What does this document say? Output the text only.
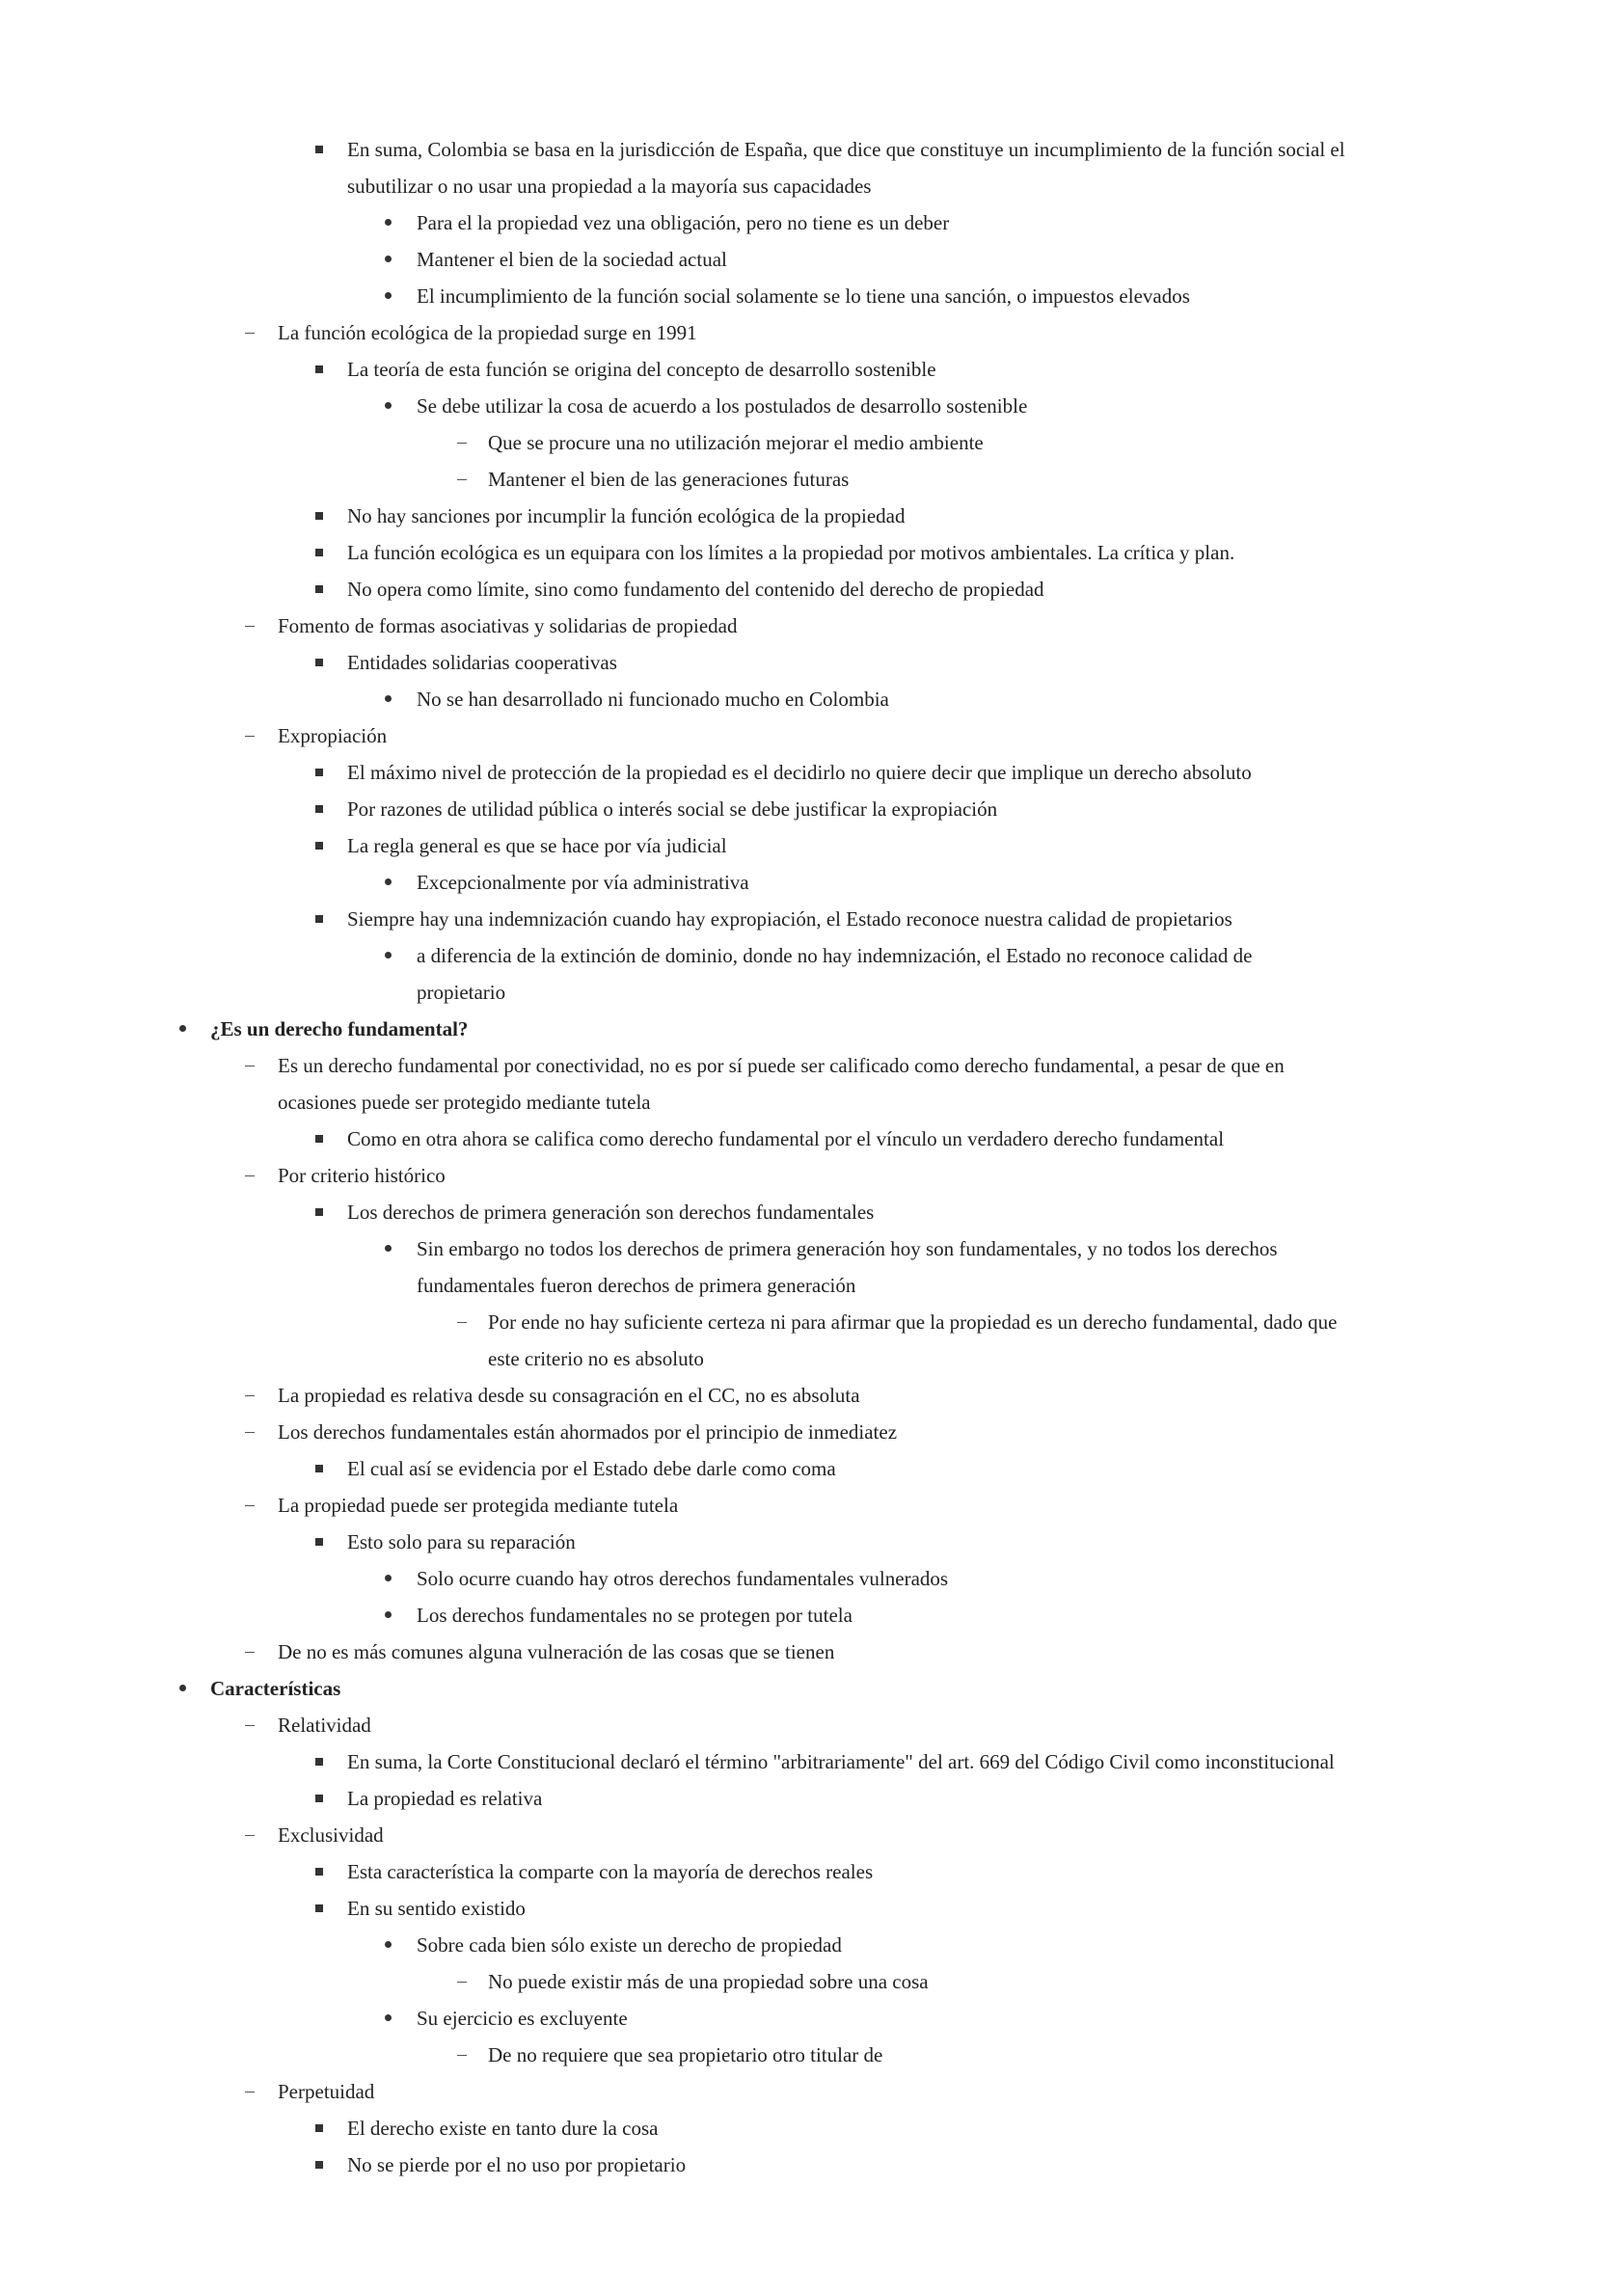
En suma, Colombia se basa en la jurisdicción de España, que dice que constituye un incumplimiento de la función social el
subutilizar o no usar una propiedad a la mayoría sus capacidades
Para el la propiedad vez una obligación, pero no tiene es un deber
Mantener el bien de la sociedad actual
El incumplimiento de la función social solamente se lo tiene una sanción, o impuestos elevados
La función ecológica de la propiedad surge en 1991
La teoría de esta función se origina del concepto de desarrollo sostenible
Se debe utilizar la cosa de acuerdo a los postulados de desarrollo sostenible
Que se procure una no utilización mejorar el medio ambiente
Mantener el bien de las generaciones futuras
No hay sanciones por incumplir la función ecológica de la propiedad
La función ecológica es un equipara con los límites a la propiedad por motivos ambientales. La crítica y plan.
No opera como límite, sino como fundamento del contenido del derecho de propiedad
Fomento de formas asociativas y solidarias de propiedad
Entidades solidarias cooperativas
No se han desarrollado ni funcionado mucho en Colombia
Expropiación
El máximo nivel de protección de la propiedad es el decidirlo no quiere decir que implique un derecho absoluto
Por razones de utilidad pública o interés social se debe justificar la expropiación
La regla general es que se hace por vía judicial
Excepcionalmente por vía administrativa
Siempre hay una indemnización cuando hay expropiación, el Estado reconoce nuestra calidad de propietarios
a diferencia de la extinción de dominio, donde no hay indemnización, el Estado no reconoce calidad de
propietario
¿Es un derecho fundamental?
Es un derecho fundamental por conectividad, no es por sí puede ser calificado como derecho fundamental, a pesar de que en
ocasiones puede ser protegido mediante tutela
Como en otra ahora se califica como derecho fundamental por el vínculo un verdadero derecho fundamental
Por criterio histórico
Los derechos de primera generación son derechos fundamentales
Sin embargo no todos los derechos de primera generación hoy son fundamentales, y no todos los derechos
fundamentales fueron derechos de primera generación
Por ende no hay suficiente certeza ni para afirmar que la propiedad es un derecho fundamental, dado que
este criterio no es absoluto
La propiedad es relativa desde su consagración en el CC, no es absoluta
Los derechos fundamentales están ahormados por el principio de inmediatez
El cual así se evidencia por el Estado debe darle como coma
La propiedad puede ser protegida mediante tutela
Esto solo para su reparación
Solo ocurre cuando hay otros derechos fundamentales vulnerados
Los derechos fundamentales no se protegen por tutela
De no es más comunes alguna vulneración de las cosas que se tienen
Características
Relatividad
En suma, la Corte Constitucional declaró el término "arbitrariamente" del art. 669 del Código Civil como inconstitucional
La propiedad es relativa
Exclusividad
Esta característica la comparte con la mayoría de derechos reales
En su sentido existido
Sobre cada bien sólo existe un derecho de propiedad
No puede existir más de una propiedad sobre una cosa
Su ejercicio es excluyente
De no requiere que sea propietario otro titular de
Perpetuidad
El derecho existe en tanto dure la cosa
No se pierde por el no uso por propietario
